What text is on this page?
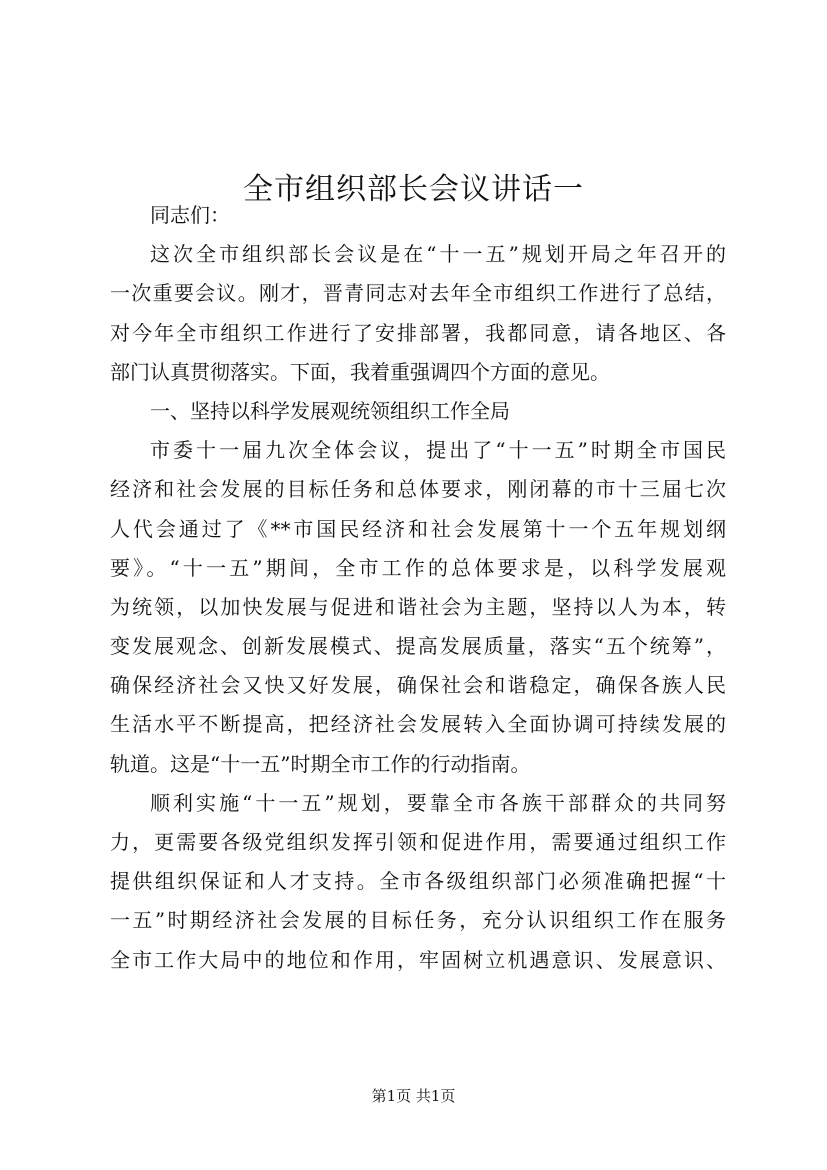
全市组织部长会议讲话一
同志们：
这次全市组织部长会议是在“十一五”规划开局之年召开的
一次重要会议。刚才，晋青同志对去年全市组织工作进行了总结，
对今年全市组织工作进行了安排部署，我都同意，请各地区、各
部门认真贯彻落实。下面，我着重强调四个方面的意见。
一、坚持以科学发展观统领组织工作全局
市委十一届九次全体会议，提出了“十一五”时期全市国民
经济和社会发展的目标任务和总体要求，刚闭幕的市十三届七次
人代会通过了《**市国民经济和社会发展第十一个五年规划纲
要》。“十一五”期间，全市工作的总体要求是，以科学发展观
为统领，以加快发展与促进和谐社会为主题，坚持以人为本，转
变发展观念、创新发展模式、提高发展质量，落实“五个统筹”，
确保经济社会又快又好发展，确保社会和谐稳定，确保各族人民
生活水平不断提高，把经济社会发展转入全面协调可持续发展的
轨道。这是“十一五”时期全市工作的行动指南。
顺利实施“十一五”规划，要靠全市各族干部群众的共同努
力，更需要各级党组织发挥引领和促进作用，需要通过组织工作
提供组织保证和人才支持。全市各级组织部门必须准确把握“十
一五”时期经济社会发展的目标任务，充分认识组织工作在服务
全市工作大局中的地位和作用，牢固树立机遇意识、发展意识、
第1页 共1页
